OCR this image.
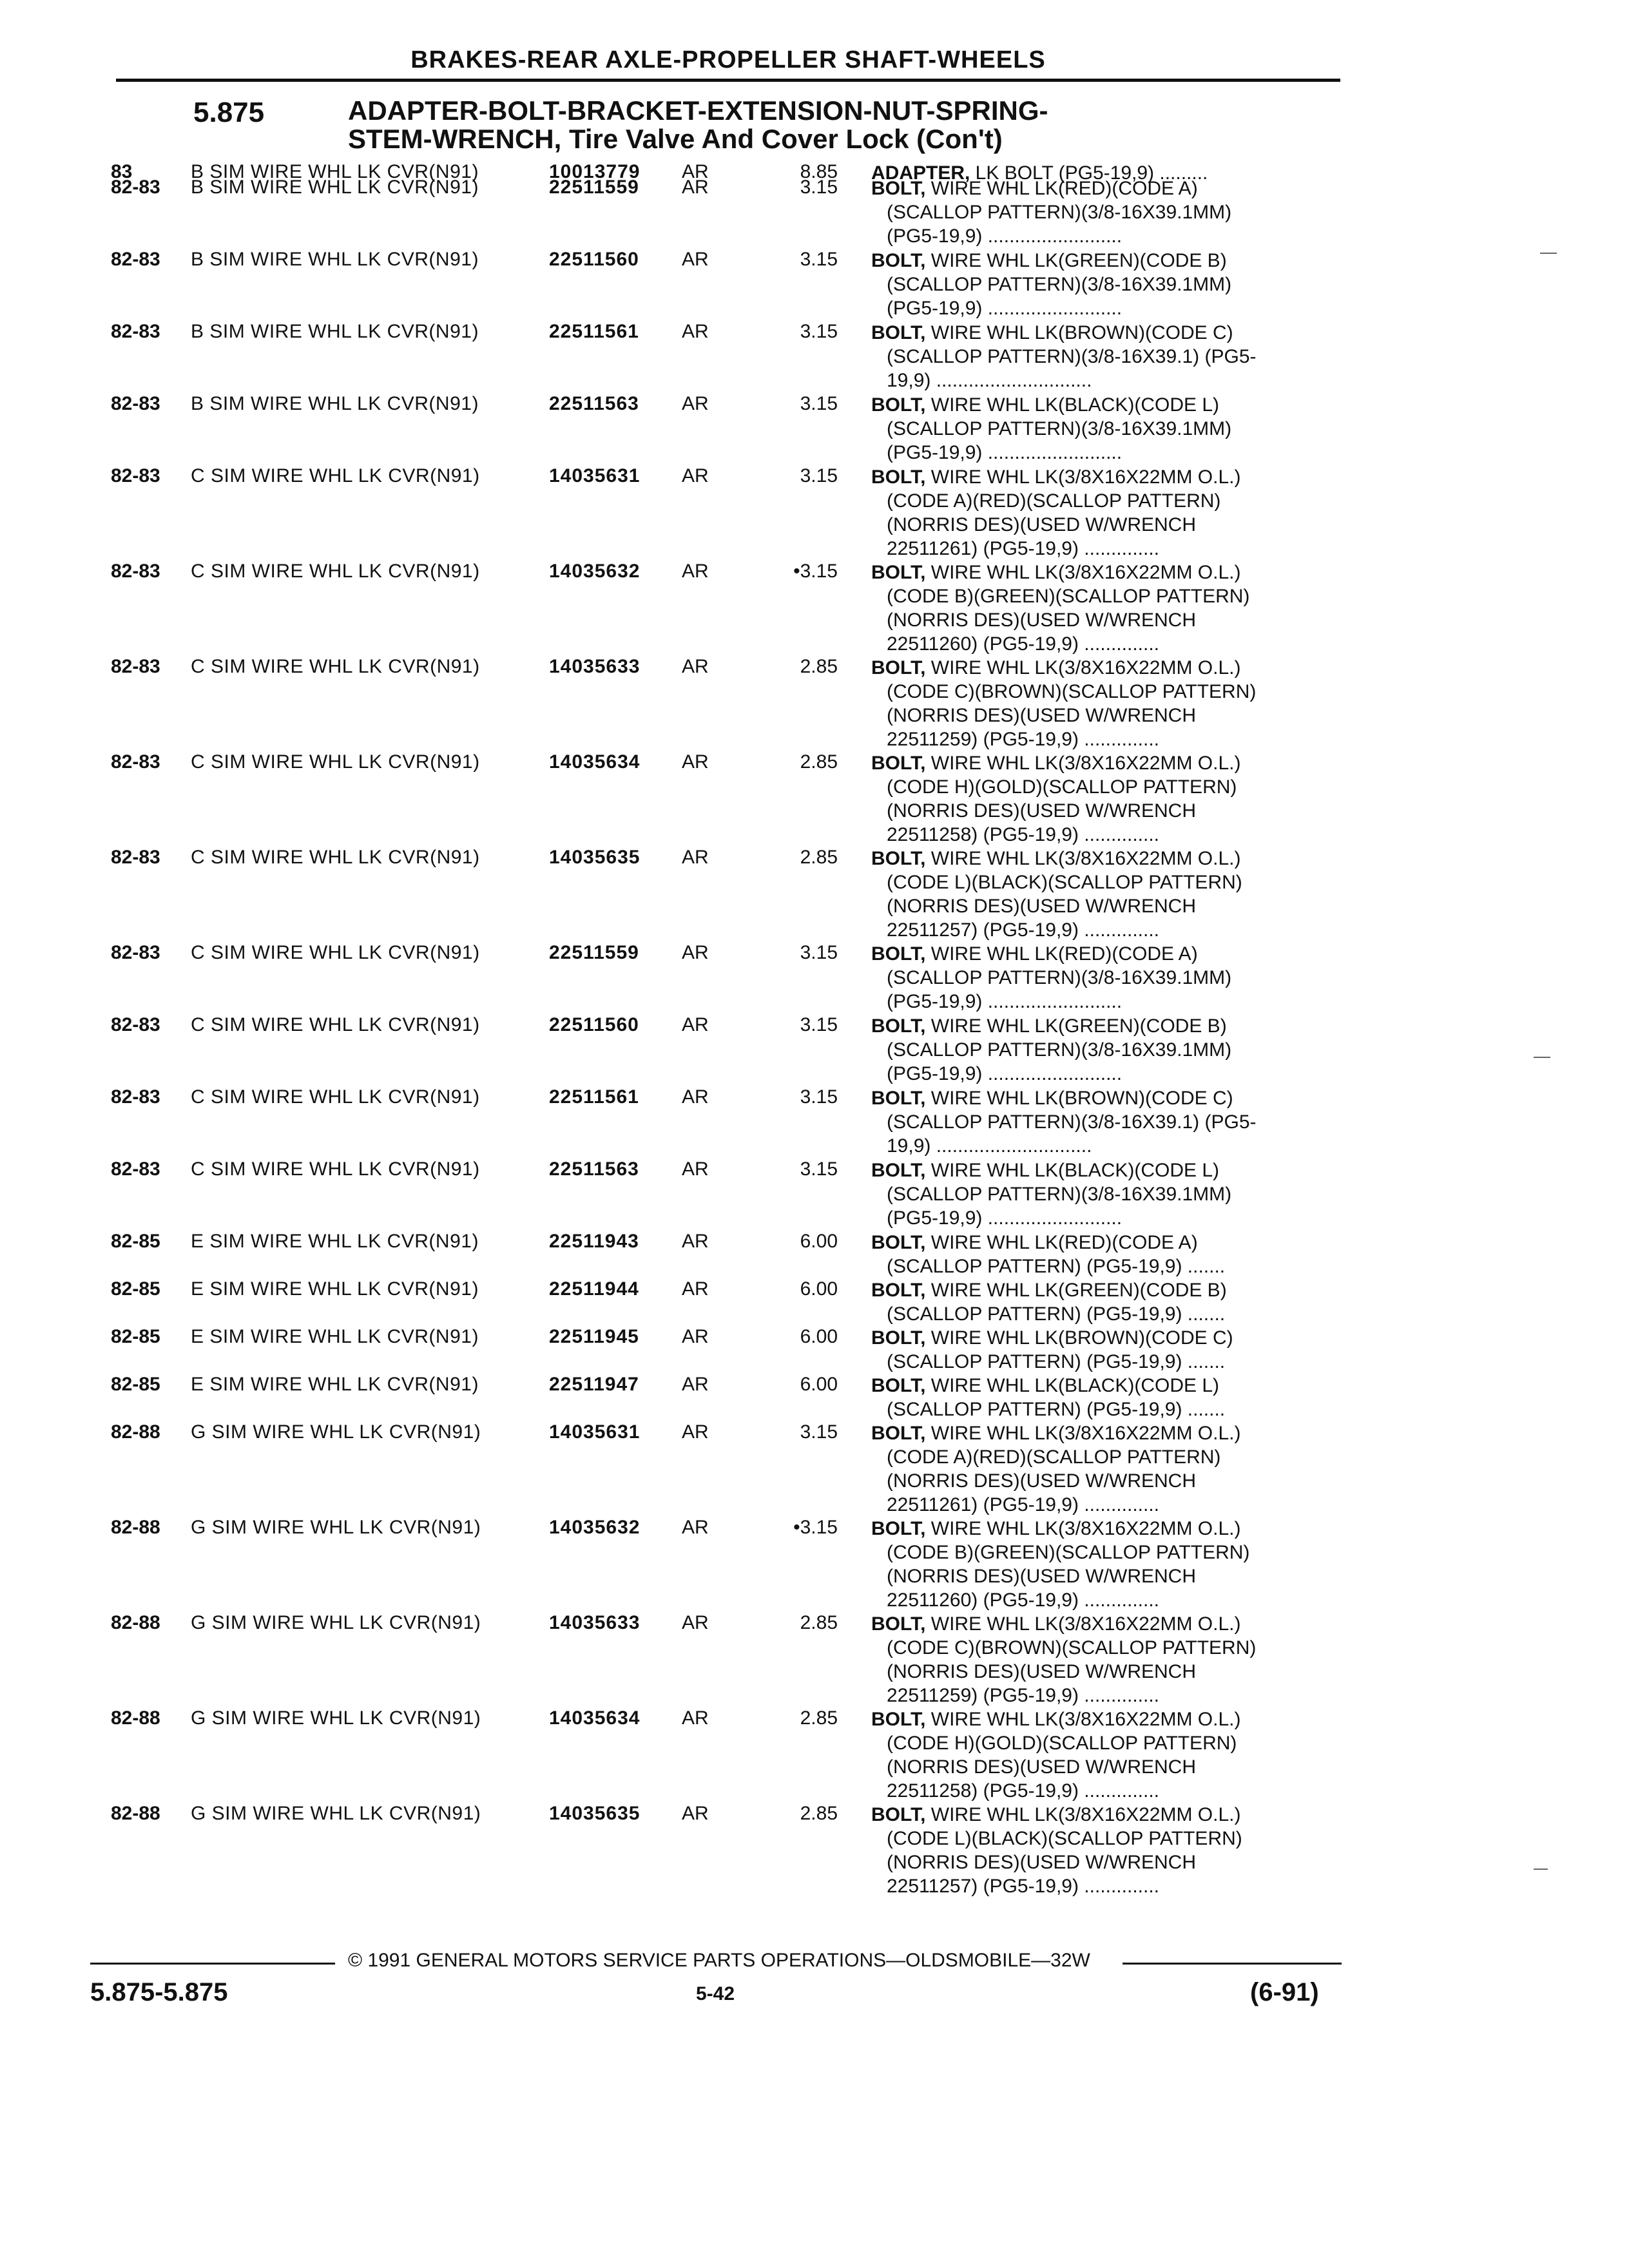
BRAKES-REAR AXLE-PROPELLER SHAFT-WHEELS
5.875	ADAPTER-BOLT-BRACKET-EXTENSION-NUT-SPRING-
STEM-WRENCH, Tire Valve And Cover Lock (Con't)
83	B SIM WIRE WHL LK CVR(N91)	10013779 AR	8.85 ADAPTER, LK BOLT (PG5-19,9) .........
82-83 B SIM WIRE WHL LK CVR(N91)	22511559 AR	3.15 BOLT, WIRE WHL LK(RED)(CODE A)
(SCALLOP PATTERN)(3/8-16X39.1MM)
(PG5-19,9) .........................
82-83 B SIM WIRE WHL LK CVR(N91)	22511560 AR	3.15 BOLT, WIRE WHL LK(GREEN)(CODE B)
(SCALLOP PATTERN)(3/8-16X39.1MM)
(PG5-19,9) .........................
82-83 B SIM WIRE WHL LK CVR(N91)	22511561 AR	3.15 BOLT, WIRE WHL LK(BROWN)(CODE C)
(SCALLOP PATTERN)(3/8-16X39.1) (PG5-
19,9) .............................
82-83 B SIM WIRE WHL LK CVR(N91)	22511563 AR	3.15 BOLT, WIRE WHL LK(BLACK)(CODE L)
(SCALLOP PATTERN)(3/8-16X39.1MM)
(PG5-19,9) .........................
82-83 C SIM WIRE WHL LK CVR(N91)	14035631 AR	3.15 BOLT, WIRE WHL LK(3/8X16X22MM O.L.)
(CODE A)(RED)(SCALLOP PATTERN)
(NORRIS DES)(USED W/WRENCH
22511261) (PG5-19,9) ..............
82-83 C SIM WIRE WHL LK CVR(N91)	14035632 AR	•3.15 BOLT, WIRE WHL LK(3/8X16X22MM O.L.)
(CODE B)(GREEN)(SCALLOP PATTERN)
(NORRIS DES)(USED W/WRENCH
22511260) (PG5-19,9) ..............
82-83 C SIM WIRE WHL LK CVR(N91)	14035633 AR	2.85 BOLT, WIRE WHL LK(3/8X16X22MM O.L.)
(CODE C)(BROWN)(SCALLOP PATTERN)
(NORRIS DES)(USED W/WRENCH
22511259) (PG5-19,9) ..............
82-83 C SIM WIRE WHL LK CVR(N91)	14035634 AR	2.85 BOLT, WIRE WHL LK(3/8X16X22MM O.L.)
(CODE H)(GOLD)(SCALLOP PATTERN)
(NORRIS DES)(USED W/WRENCH
22511258) (PG5-19,9) ..............
82-83 C SIM WIRE WHL LK CVR(N91)	14035635 AR	2.85 BOLT, WIRE WHL LK(3/8X16X22MM O.L.)
(CODE L)(BLACK)(SCALLOP PATTERN)
(NORRIS DES)(USED W/WRENCH
22511257) (PG5-19,9) ..............
82-83 C SIM WIRE WHL LK CVR(N91)	22511559 AR	3.15 BOLT, WIRE WHL LK(RED)(CODE A)
(SCALLOP PATTERN)(3/8-16X39.1MM)
(PG5-19,9) .........................
82-83 C SIM WIRE WHL LK CVR(N91)	22511560 AR	3.15 BOLT, WIRE WHL LK(GREEN)(CODE B)
(SCALLOP PATTERN)(3/8-16X39.1MM)
(PG5-19,9) .........................
82-83 C SIM WIRE WHL LK CVR(N91)	22511561 AR	3.15 BOLT, WIRE WHL LK(BROWN)(CODE C)
(SCALLOP PATTERN)(3/8-16X39.1) (PG5-
19,9) .............................
82-83 C SIM WIRE WHL LK CVR(N91)	22511563 AR	3.15 BOLT, WIRE WHL LK(BLACK)(CODE L)
(SCALLOP PATTERN)(3/8-16X39.1MM)
(PG5-19,9) .........................
82-85 E SIM WIRE WHL LK CVR(N91)	22511943 AR	6.00 BOLT, WIRE WHL LK(RED)(CODE A)
(SCALLOP PATTERN) (PG5-19,9) .......
82-85 E SIM WIRE WHL LK CVR(N91)	22511944 AR	6.00 BOLT, WIRE WHL LK(GREEN)(CODE B)
(SCALLOP PATTERN) (PG5-19,9) .......
82-85 E SIM WIRE WHL LK CVR(N91)	22511945 AR	6.00 BOLT, WIRE WHL LK(BROWN)(CODE C)
(SCALLOP PATTERN) (PG5-19,9) .......
82-85 E SIM WIRE WHL LK CVR(N91)	22511947 AR	6.00 BOLT, WIRE WHL LK(BLACK)(CODE L)
(SCALLOP PATTERN) (PG5-19,9) .......
82-88 G SIM WIRE WHL LK CVR(N91)	14035631 AR	3.15 BOLT, WIRE WHL LK(3/8X16X22MM O.L.)
(CODE A)(RED)(SCALLOP PATTERN)
(NORRIS DES)(USED W/WRENCH
22511261) (PG5-19,9) ..............
82-88 G SIM WIRE WHL LK CVR(N91)	14035632 AR	•3.15 BOLT, WIRE WHL LK(3/8X16X22MM O.L.)
(CODE B)(GREEN)(SCALLOP PATTERN)
(NORRIS DES)(USED W/WRENCH
22511260) (PG5-19,9) ..............
82-88 G SIM WIRE WHL LK CVR(N91)	14035633 AR	2.85 BOLT, WIRE WHL LK(3/8X16X22MM O.L.)
(CODE C)(BROWN)(SCALLOP PATTERN)
(NORRIS DES)(USED W/WRENCH
22511259) (PG5-19,9) ..............
82-88 G SIM WIRE WHL LK CVR(N91)	14035634 AR	2.85 BOLT, WIRE WHL LK(3/8X16X22MM O.L.)
(CODE H)(GOLD)(SCALLOP PATTERN)
(NORRIS DES)(USED W/WRENCH
22511258) (PG5-19,9) ..............
82-88 G SIM WIRE WHL LK CVR(N91)	14035635 AR	2.85 BOLT, WIRE WHL LK(3/8X16X22MM O.L.)
(CODE L)(BLACK)(SCALLOP PATTERN)
(NORRIS DES)(USED W/WRENCH
22511257) (PG5-19,9) ..............
© 1991 GENERAL MOTORS SERVICE PARTS OPERATIONS—OLDSMOBILE—32W
5.875-5.875	5-42	(6-91)
